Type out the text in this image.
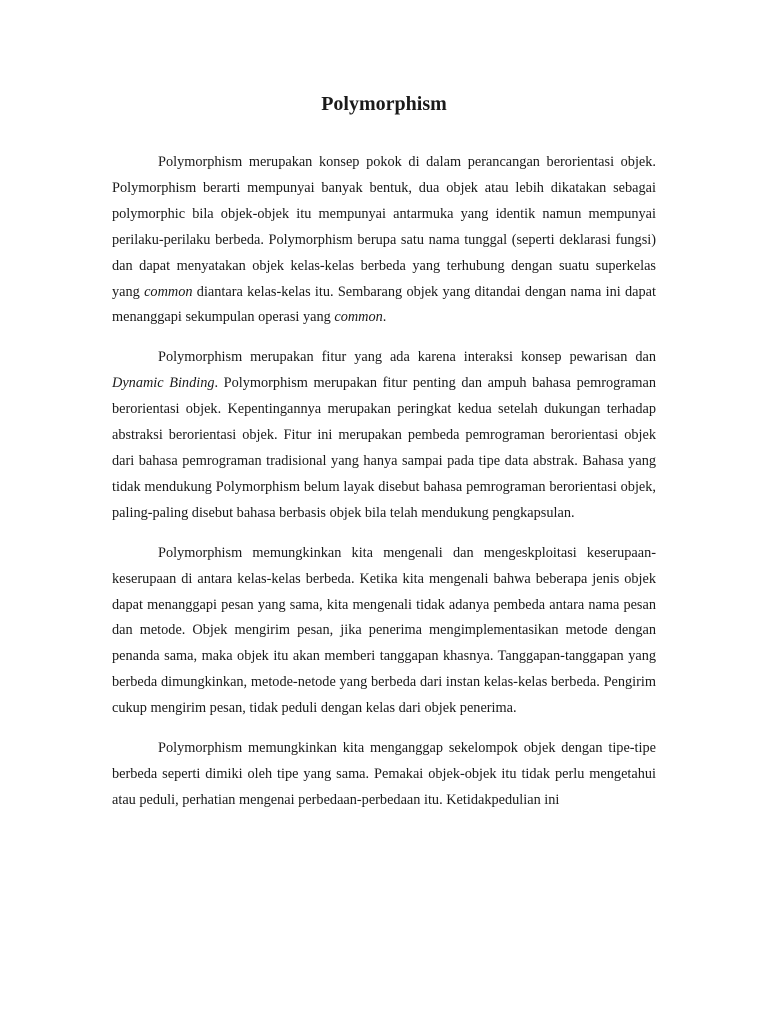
Polymorphism

Polymorphism merupakan konsep pokok di dalam perancangan berorientasi objek. Polymorphism berarti mempunyai banyak bentuk, dua objek atau lebih dikatakan sebagai polymorphic bila objek-objek itu mempunyai antarmuka yang identik namun mempunyai perilaku-perilaku berbeda. Polymorphism berupa satu nama tunggal (seperti deklarasi fungsi) dan dapat menyatakan objek kelas-kelas berbeda yang terhubung dengan suatu superkelas yang common diantara kelas-kelas itu. Sembarang objek yang ditandai dengan nama ini dapat menanggapi sekumpulan operasi yang common.

Polymorphism merupakan fitur yang ada karena interaksi konsep pewarisan dan Dynamic Binding. Polymorphism merupakan fitur penting dan ampuh bahasa pemrograman berorientasi objek. Kepentingannya merupakan peringkat kedua setelah dukungan terhadap abstraksi berorientasi objek. Fitur ini merupakan pembeda pemrograman berorientasi objek dari bahasa pemrograman tradisional yang hanya sampai pada tipe data abstrak. Bahasa yang tidak mendukung Polymorphism belum layak disebut bahasa pemrograman berorientasi objek, paling-paling disebut bahasa berbasis objek bila telah mendukung pengkapsulan.

Polymorphism memungkinkan kita mengenali dan mengeskploitasi keserupaan-keserupaan di antara kelas-kelas berbeda. Ketika kita mengenali bahwa beberapa jenis objek dapat menanggapi pesan yang sama, kita mengenali tidak adanya pembeda antara nama pesan dan metode. Objek mengirim pesan, jika penerima mengimplementasikan metode dengan penanda sama, maka objek itu akan memberi tanggapan khasnya. Tanggapan-tanggapan yang berbeda dimungkinkan, metode-netode yang berbeda dari instan kelas-kelas berbeda. Pengirim cukup mengirim pesan, tidak peduli dengan kelas dari objek penerima.

Polymorphism memungkinkan kita menganggap sekelompok objek dengan tipe-tipe berbeda seperti dimiki oleh tipe yang sama. Pemakai objek-objek itu tidak perlu mengetahui atau peduli, perhatian mengenai perbedaan-perbedaan itu. Ketidakpedulian ini
